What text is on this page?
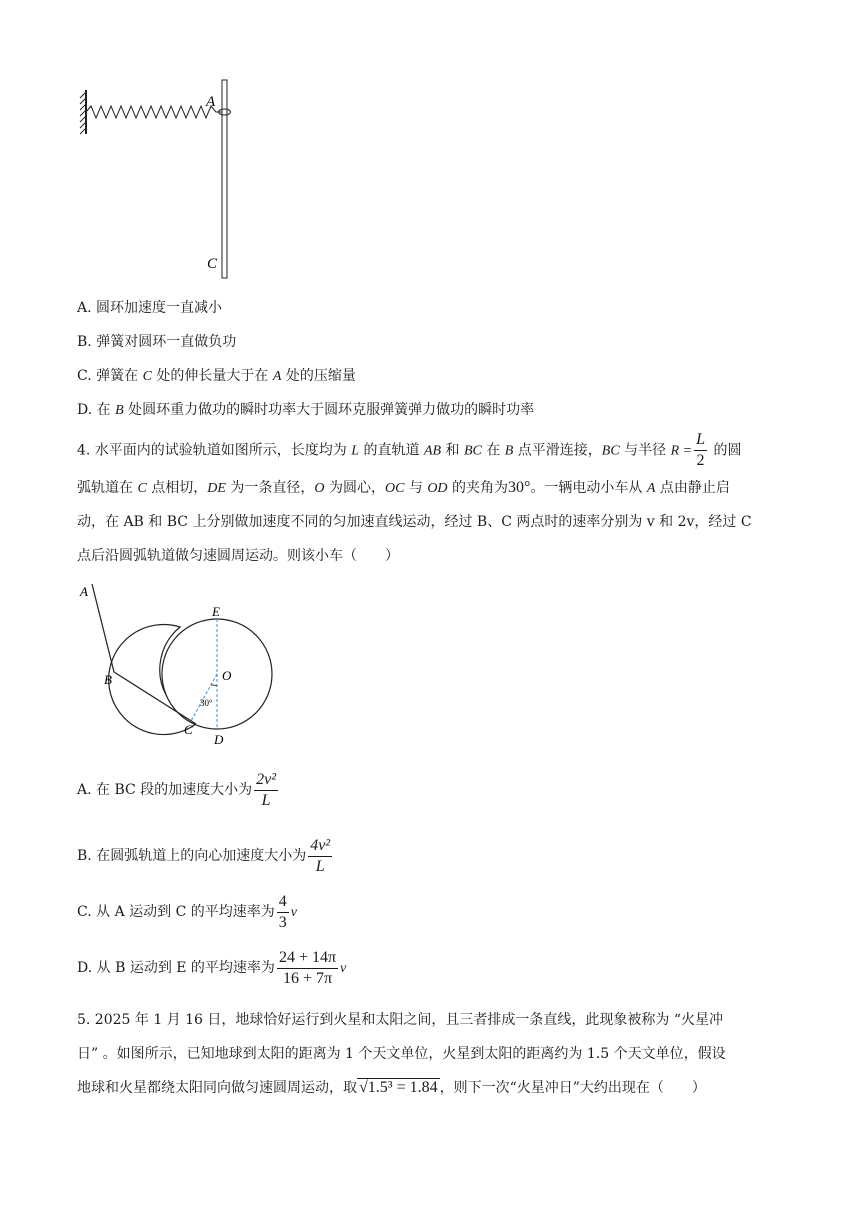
A
C
A. 圆环加速度一直减小
B. 弹簧对圆环一直做负功
C. 弹簧在 C 处的伸长量大于在 A 处的压缩量
D. 在 B 处圆环重力做功的瞬时功率大于圆环克服弹簧弹力做功的瞬时功率
4. 水平面内的试验轨道如图所示，长度均为 L 的直轨道 AB 和 BC 在 B 点平滑连接，BC 与半径 $R = \frac{L}{2}$ 的圆
弧轨道在 C 点相切，DE 为一条直径，O 为圆心，OC 与 OD 的夹角为30°。一辆电动小车从 A 点由静止启
动，在 AB 和 BC 上分别做加速度不同的匀加速直线运动，经过 B、C 两点时的速率分别为 v 和 2v，经过 C
点后沿圆弧轨道做匀速圆周运动。则该小车（　　）
A
B
C
D
E
O
30°
A. 在 BC 段的加速度大小为 $\frac{\text{2v²}}{L}$
B. 在圆弧轨道上的向心加速度大小为 $\frac{\text{4v²}}{L}$
C. 从 A 运动到 C 的平均速率为 $\frac{4}{3}$ v
D. 从 B 运动到 E 的平均速率为 $\frac{24 + 14\pi}{16 + 7\pi}$ v
5. 2025 年 1 月 16 日，地球恰好运行到火星和太阳之间，且三者排成一条直线，此现象被称为 “火星冲
日” 。如图所示，已知地球到太阳的距离为 1 个天文单位，火星到太阳的距离约为 1.5 个天文单位，假设
地球和火星都绕太阳同向做匀速圆周运动，取 √1.5³ = 1.84 ，则下一次“火星冲日”大约出现在（　　）
